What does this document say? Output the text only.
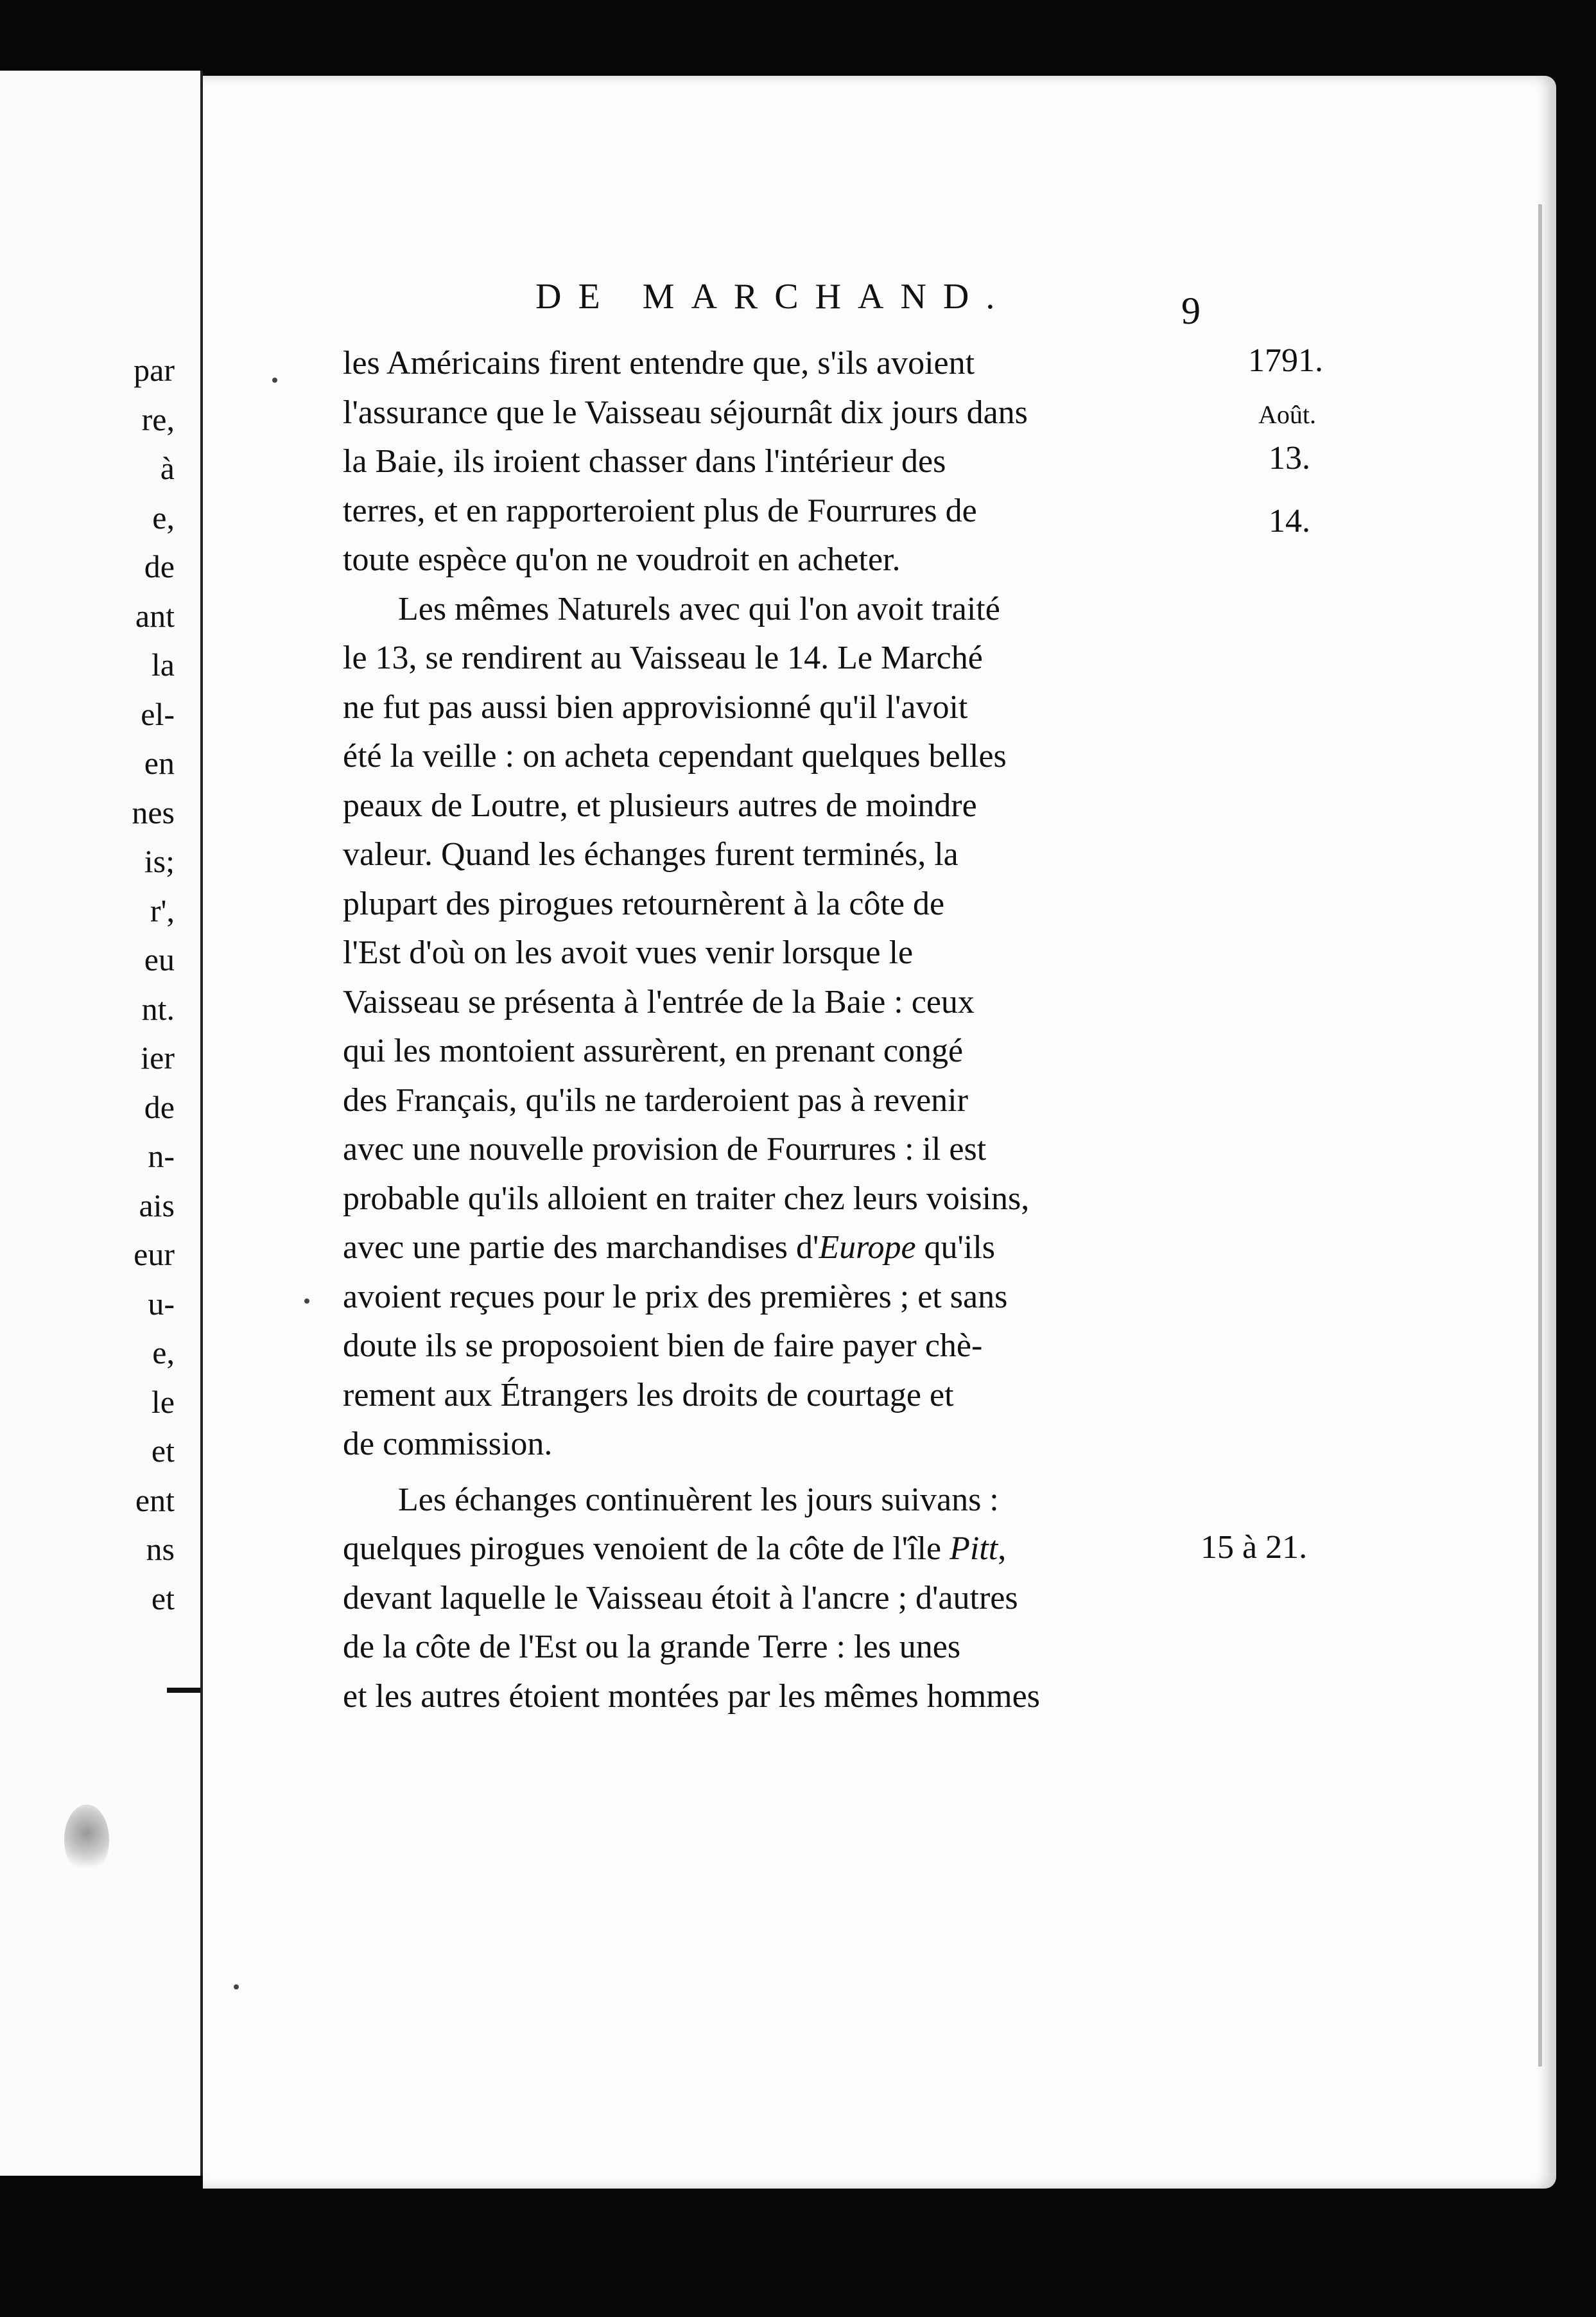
par
re,
à
e,
de
ant
la
el-
en
nes
is;
r',
eu
nt.
ier
de
n-
ais
eur
u-
e,
le
et
ent
ns
et
DE MARCHAND.	9

les Américains firent entendre que, s'ils avoient

l'assurance que le Vaisseau séjournât dix jours dans

la Baie, ils iroient chasser dans l'intérieur des

terres, et en rapporteroient plus de Fourrures de

toute espèce qu'on ne voudroit en acheter.

Les mêmes Naturels avec qui l'on avoit traité

le 13, se rendirent au Vaisseau le 14. Le Marché

ne fut pas aussi bien approvisionné qu'il l'avoit

été la veille : on acheta cependant quelques belles

peaux de Loutre, et plusieurs autres de moindre

valeur. Quand les échanges furent terminés, la

plupart des pirogues retournèrent à la côte de

l'Est d'où on les avoit vues venir lorsque le

Vaisseau se présenta à l'entrée de la Baie : ceux

qui les montoient assurèrent, en prenant congé

des Français, qu'ils ne tarderoient pas à revenir

avec une nouvelle provision de Fourrures : il est

probable qu'ils alloient en traiter chez leurs voisins,

avec une partie des marchandises d'Europe qu'ils

avoient reçues pour le prix des premières ; et sans

doute ils se proposoient bien de faire payer chè-

rement aux Étrangers les droits de courtage et

de commission.

Les échanges continuèrent les jours suivans :

quelques pirogues venoient de la côte de l'île Pitt,

devant laquelle le Vaisseau étoit à l'ancre ; d'autres

de la côte de l'Est ou la grande Terre : les unes

et les autres étoient montées par les mêmes hommes

1791.
Août.
13.
14.
15 à 21.
